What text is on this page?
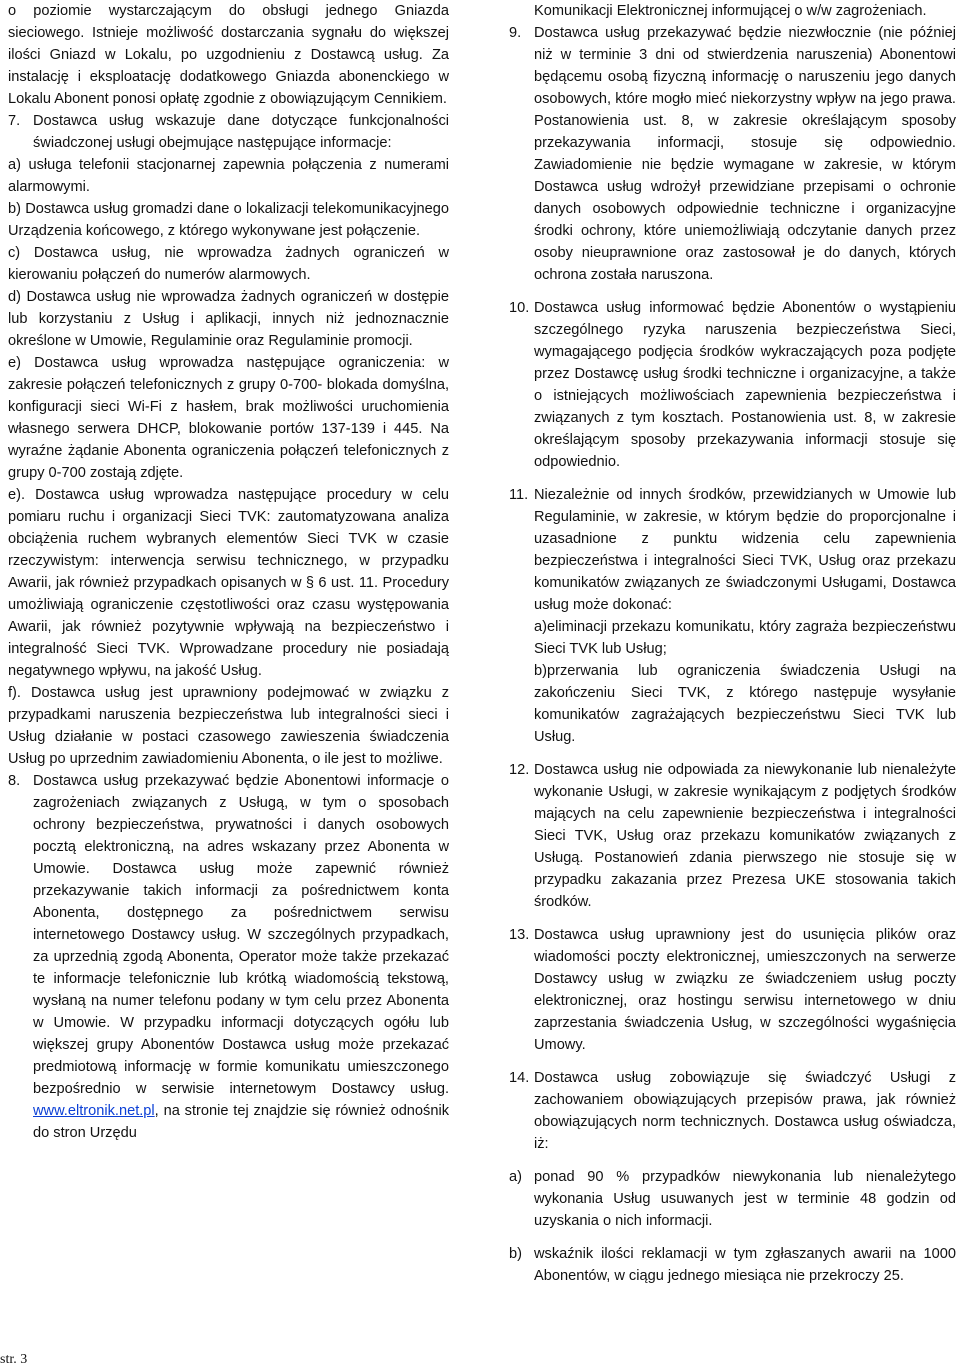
o poziomie wystarczającym do obsługi jednego Gniazda sieciowego. Istnieje możliwość dostarczania sygnału do większej ilości Gniazd w Lokalu, po uzgodnieniu z Dostawcą usług. Za instalację i eksploatację dodatkowego Gniazda abonenckiego w Lokalu Abonent ponosi opłatę zgodnie z obowiązującym Cennikiem.

7. Dostawca usług wskazuje dane dotyczące funkcjonalności świadczonej usługi obejmujące następujące informacje:

a) usługa telefonii stacjonarnej zapewnia połączenia z numerami alarmowymi.

b) Dostawca usług gromadzi dane o lokalizacji telekomunikacyjnego Urządzenia końcowego, z którego wykonywane jest połączenie.

c) Dostawca usług, nie wprowadza żadnych ograniczeń w kierowaniu połączeń do numerów alarmowych.

d) Dostawca usług nie wprowadza żadnych ograniczeń w dostępie lub korzystaniu z Usług i aplikacji, innych niż jednoznacznie określone w Umowie, Regulaminie oraz Regulaminie promocji.

e) Dostawca usług wprowadza następujące ograniczenia: w zakresie połączeń telefonicznych z grupy 0-700- blokada domyślna, konfiguracji sieci Wi-Fi z hasłem, brak możliwości uruchomienia własnego serwera DHCP, blokowanie portów 137-139 i 445. Na wyraźne żądanie Abonenta ograniczenia połączeń telefonicznych z grupy 0-700 zostają zdjęte.

e). Dostawca usług wprowadza następujące procedury w celu pomiaru ruchu i organizacji Sieci TVK: zautomatyzowana analiza obciążenia ruchem wybranych elementów Sieci TVK w czasie rzeczywistym: interwencja serwisu technicznego, w przypadku Awarii, jak również przypadkach opisanych w § 6 ust. 11. Procedury umożliwiają ograniczenie częstotliwości oraz czasu występowania Awarii, jak również pozytywnie wpływają na bezpieczeństwo i integralność Sieci TVK. Wprowadzane procedury nie posiadają negatywnego wpływu, na jakość Usług.

f). Dostawca usług jest uprawniony podejmować w związku z przypadkami naruszenia bezpieczeństwa lub integralności sieci i Usług działanie w postaci czasowego zawieszenia świadczenia Usług po uprzednim zawiadomieniu Abonenta, o ile jest to możliwe.

8. Dostawca usług przekazywać będzie Abonentowi informacje o zagrożeniach związanych z Usługą, w tym o sposobach ochrony bezpieczeństwa, prywatności i danych osobowych pocztą elektroniczną, na adres wskazany przez Abonenta w Umowie. Dostawca usług może zapewnić również przekazywanie takich informacji za pośrednictwem konta Abonenta, dostępnego za pośrednictwem serwisu internetowego Dostawcy usług. W szczególnych przypadkach, za uprzednią zgodą Abonenta, Operator może także przekazać te informacje telefonicznie lub krótką wiadomością tekstową, wysłaną na numer telefonu podany w tym celu przez Abonenta w Umowie. W przypadku informacji dotyczących ogółu lub większej grupy Abonentów Dostawca usług może przekazać predmiotową informację w formie komunikatu umieszczonego bezpośrednio w serwisie internetowym Dostawcy usług. www.eltronik.net.pl, na stronie tej znajdzie się również odnośnik do stron Urzędu

Komunikacji Elektronicznej informującej o w/w zagrożeniach.

9. Dostawca usług przekazywać będzie niezwłocznie (nie później niż w terminie 3 dni od stwierdzenia naruszenia) Abonentowi będącemu osobą fizyczną informację o naruszeniu jego danych osobowych, które mogło mieć niekorzystny wpływ na jego prawa. Postanowienia ust. 8, w zakresie określającym sposoby przekazywania informacji, stosuje się odpowiednio. Zawiadomienie nie będzie wymagane w zakresie, w którym Dostawca usług wdrożył przewidziane przepisami o ochronie danych osobowych odpowiednie techniczne i organizacyjne środki ochrony, które uniemożliwiają odczytanie danych przez osoby nieuprawnione oraz zastosował je do danych, których ochrona została naruszona.
10. Dostawca usług informować będzie Abonentów o wystąpieniu szczególnego ryzyka naruszenia bezpieczeństwa Sieci, wymagającego podjęcia środków wykraczających poza podjęte przez Dostawcę usług środki techniczne i organizacyjne, a także o istniejących możliwościach zapewnienia bezpieczeństwa i związanych z tym kosztach. Postanowienia ust. 8, w zakresie określającym sposoby przekazywania informacji stosuje się odpowiednio.
11. Niezależnie od innych środków, przewidzianych w Umowie lub Regulaminie, w zakresie, w którym będzie do proporcjonalne i uzasadnione z punktu widzenia celu zapewnienia bezpieczeństwa i integralności Sieci TVK, Usług oraz przekazu komunikatów związanych ze świadczonymi Usługami, Dostawca usług może dokonać:

a)eliminacji przekazu komunikatu, który zagraża bezpieczeństwu Sieci TVK lub Usług;

b)przerwania lub ograniczenia świadczenia Usługi na zakończeniu Sieci TVK, z którego następuje wysyłanie komunikatów zagrażających bezpieczeństwu Sieci TVK lub Usług.

12. Dostawca usług nie odpowiada za niewykonanie lub nienależyte wykonanie Usługi, w zakresie wynikającym z podjętych środków mających na celu zapewnienie bezpieczeństwa i integralności Sieci TVK, Usług oraz przekazu komunikatów związanych z Usługą. Postanowień zdania pierwszego nie stosuje się w przypadku zakazania przez Prezesa UKE stosowania takich środków.
13. Dostawca usług uprawniony jest do usunięcia plików oraz wiadomości poczty elektronicznej, umieszczonych na serwerze Dostawcy usług w związku ze świadczeniem usług poczty elektronicznej, oraz hostingu serwisu internetowego w dniu zaprzestania świadczenia Usług, w szczególności wygaśnięcia Umowy.
14. Dostawca usług zobowiązuje się świadczyć Usługi z zachowaniem obowiązujących przepisów prawa, jak również obowiązujących norm technicznych. Dostawca usług oświadcza, iż:
a) ponad 90 % przypadków niewykonania lub nienależytego wykonania Usług usuwanych jest w terminie 48 godzin od uzyskania o nich informacji.
b) wskaźnik ilości reklamacji w tym zgłaszanych awarii na 1000 Abonentów, w ciągu jednego miesiąca nie przekroczy 25.
str. 3
